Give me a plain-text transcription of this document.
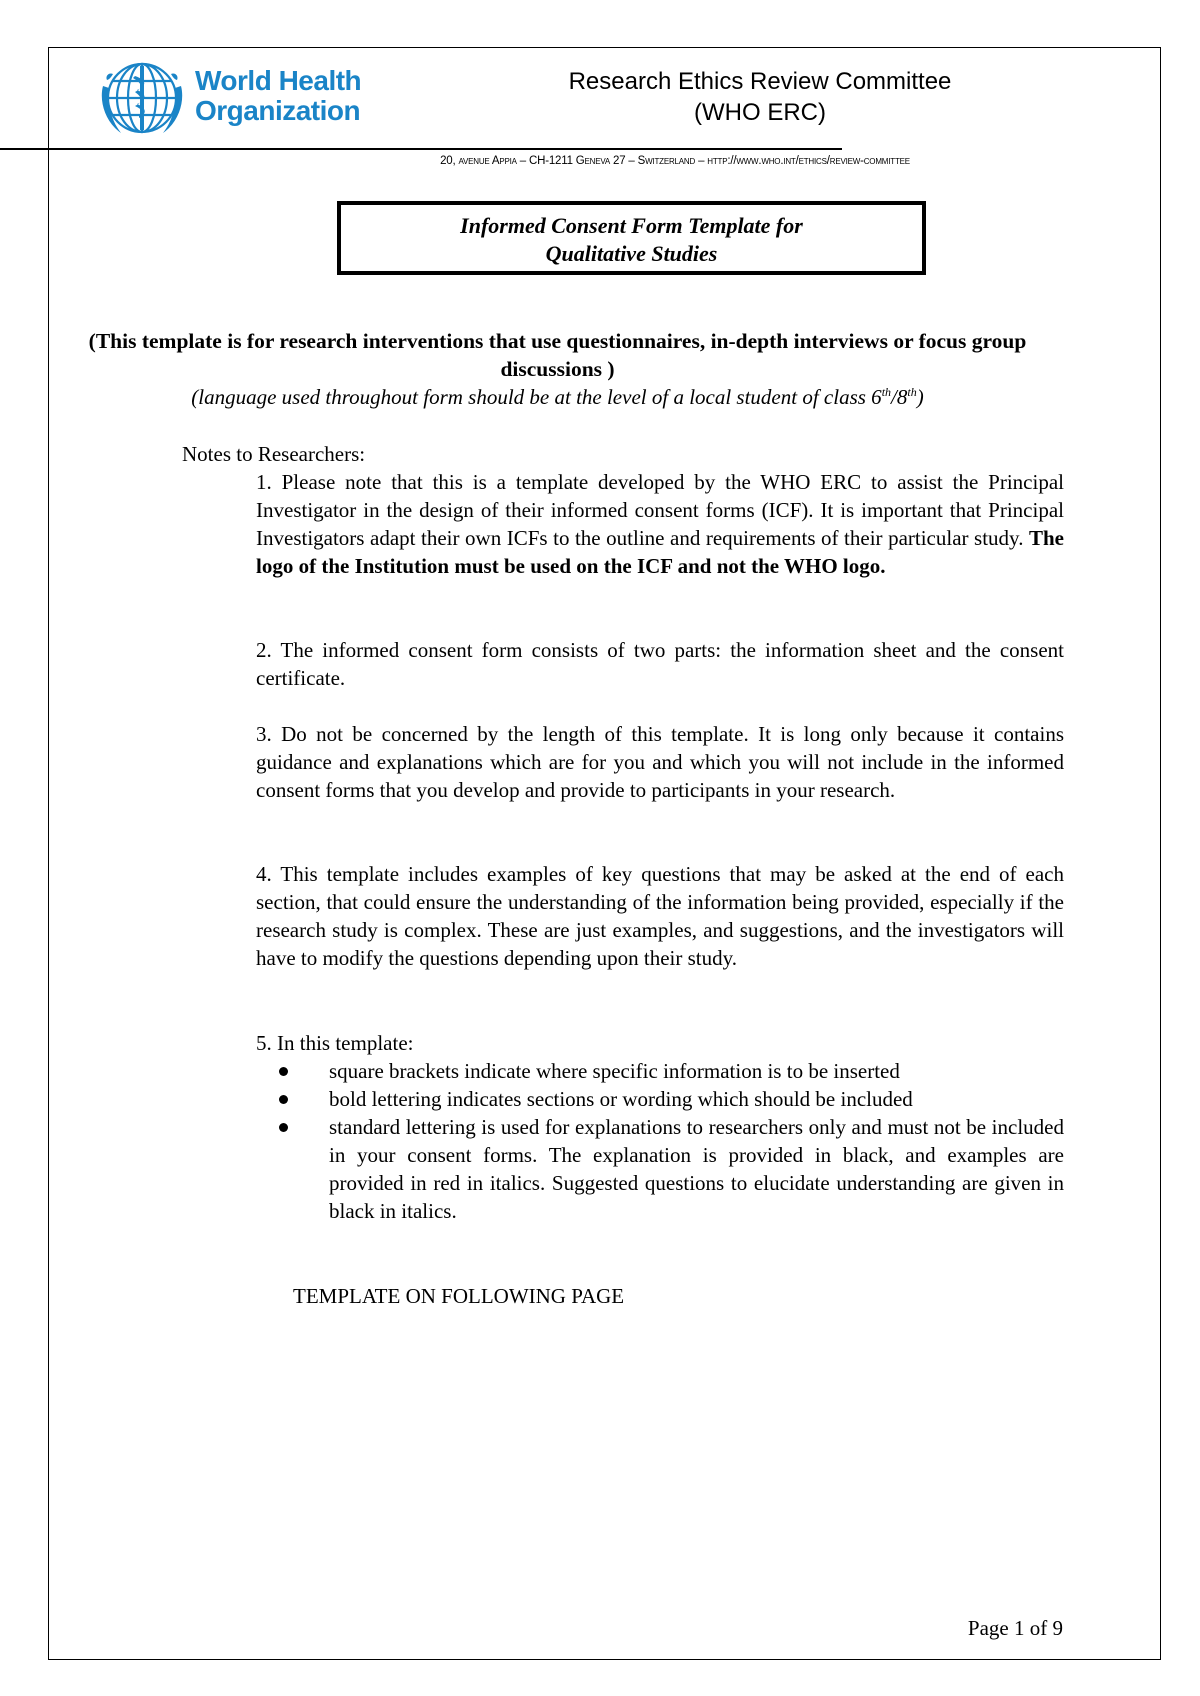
World Health
Organization
Research Ethics Review Committee
(WHO ERC)
20, avenue Appia – CH-1211 Geneva 27 – Switzerland – http://www.who.int/ethics/review-committee
Informed Consent Form Template for
Qualitative Studies
(This template is for research interventions that use questionnaires, in-depth interviews or focus group discussions )
(language used throughout form should be at the level of a local student of class 6th/8th)
Notes to Researchers:
1. Please note that this is a template developed by the WHO ERC to assist the Principal Investigator in the design of their informed consent forms (ICF). It is important that Principal Investigators adapt their own ICFs to the outline and requirements of their particular study. The logo of the Institution must be used on the ICF and not the WHO logo.
2. The informed consent form consists of two parts: the information sheet and the consent certificate.
3. Do not be concerned by the length of this template. It is long only because it contains guidance and explanations which are for you and which you will not include in the informed consent forms that you develop and provide to participants in your research.
4. This template includes examples of key questions that may be asked at the end of each section, that could ensure the understanding of the information being provided, especially if the research study is complex. These are just examples, and suggestions, and the investigators will have to modify the questions depending upon their study.
5. In this template:
square brackets indicate where specific information is to be inserted
bold lettering indicates sections or wording which should be included
standard lettering is used for explanations to researchers only and must not be included in your consent forms. The explanation is provided in black, and examples are provided in red in italics. Suggested questions to elucidate understanding are given in black in italics.
TEMPLATE ON FOLLOWING PAGE
Page 1 of 9
